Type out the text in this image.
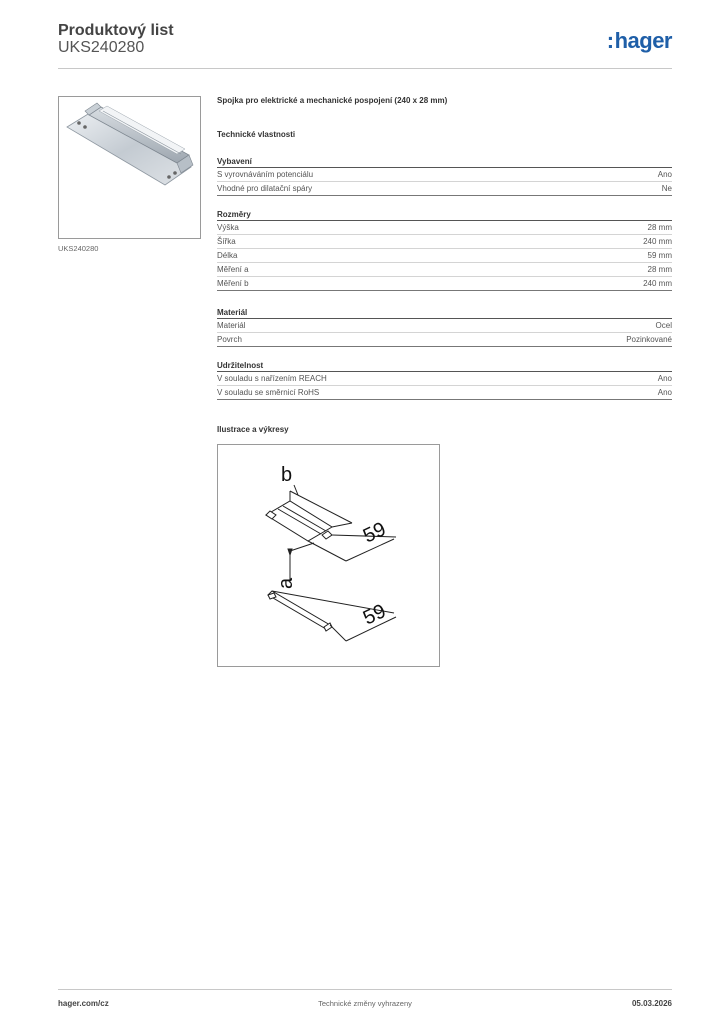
Produktový list
UKS240280	:hager
UKS240280
Spojka pro elektrické a mechanické pospojení (240 x 28 mm)
Technické vlastnosti
Vybavení
S vyrovnáváním potenciálu	Ano
Vhodné pro dilatační spáry	Ne
Rozměry
Výška	28 mm
Šířka	240 mm
Délka	59 mm
Měření a	28 mm
Měření b	240 mm
Materiál
Materiál	Ocel
Povrch	Pozinkované
Udržitelnost
V souladu s nařízením REACH	Ano
V souladu se směrnicí RoHS	Ano
Ilustrace a výkresy
b
a
59
59
hager.com/cz	Technické změny vyhrazeny	05.03.2026
